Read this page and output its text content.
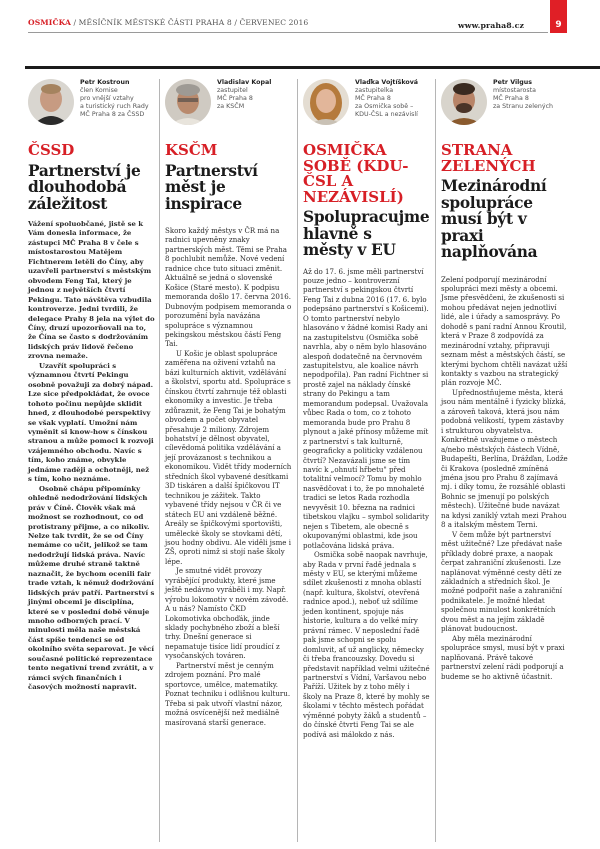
OSMIČKA / MĚSÍČNÍK MĚSTSKÉ ČÁSTI PRAHA 8 / ČERVENEC 2016	www.praha8.cz	9
Petr Kostroun
člen Komise
pro vnější vztahy
a turistický ruch Rady
MČ Praha 8 za ČSSD
ČSSD
Partnerství je dlouhodobá záležitost

Vážení spoluobčané, jistě se k Vám donesla informace, že zástupci MČ Praha 8 v čele s místostarostou Matějem Fichtnerem letěli do Číny, aby uzavřeli partnerství s městským obvodem Feng Tai, který je jednou z největších čtvrtí Pekingu. Tato návštěva vzbudila kontroverze. Jedni tvrdili, že delegace Prahy 8 jela na výlet do Číny, druzí upozorňovali na to, že Čína se často s dodržováním lidských práv lidově řečeno zrovna nemaže.

Uzavřít spolupráci s významnou čtvrtí Pekingu osobně považuji za dobrý nápad. Lze sice předpokládat, že ovoce tohoto počinu nepůjde sklidit hned, z dlouhodobé perspektivy se však vyplatí. Umožní nám vyměnit si know-how s čínskou stranou a může pomoci k rozvoji vzájemného obchodu. Navíc s tím, koho známe, obvykle jednáme raději a ochotněji, než s tím, koho neznáme.

Osobně chápu připomínky ohledně nedodržování lidských práv v Číně. Člověk však má možnost se rozhodnout, co od protistrany přijme, a co nikoliv. Nelze tak tvrdit, že se od Číny nemáme co učit, jelikož se tam nedodržují lidská práva. Navíc můžeme druhé straně taktně naznačit, že bychom ocenili fair trade vztah, k němuž dodržování lidských práv patří. Partnerství s jinými obcemi je disciplína, které se v poslední době věnuje mnoho odborných prací. V minulosti měla naše městská část spíše tendenci se od okolního světa separovat. Je věcí současné politické reprezentace tento negativní trend zvrátit, a v rámci svých finančních i časových možností napravit.

Vladislav Kopal
zastupitel
MČ Praha 8
za KSČM
KSČM
Partnerství měst je inspirace

Skoro každý městys v ČR má na radnici upevněny znaky partnerských měst. Těmi se Praha 8 pochlubit nemůže. Nové vedení radnice chce tuto situaci změnit. Aktuálně se jedná o slovenské Košice (Staré mesto). K podpisu memoranda došlo 17. června 2016. Dubnovým podpisem memoranda o porozumění byla navázána spolupráce s významnou pekingskou městskou částí Feng Tai.

U Košic je oblast spolupráce zaměřena na oživení vztahů na bázi kulturních aktivit, vzdělávání a školství, sportu atd. Spolupráce s čínskou čtvrtí zahrnuje též oblasti ekonomiky a investic. Je třeba zdůraznit, že Feng Tai je bohatým obvodem a počet obyvatel přesahuje 2 miliony. Zdrojem bohatství je dělnost obyvatel, cílevědomá politika vzdělávání a její provázanost s technikou a ekonomikou. Vidět třídy moderních středních škol vybavené desítkami 3D tiskáren a další špičkovou IT technikou je zážitek. Takto vybavené třídy nejsou v ČR či ve státech EU ani vzdáleně běžné. Areály se špičkovými sportovišti, uměleckė školy se stovkami dětí, jsou hodny obdivu. Ale viděli jsme i ZŠ, oproti nimž si stojí naše školy lépe.

Je smutné vidět provozy vyrábějící produkty, které jsme ještě nedávno vyráběli i my. Např. výrobu lokomotiv v novém závodě. A u nás? Namísto ČKD Lokomotivka obchoďák, jinde sklady pochybného zboží a bleší trhy. Dnešní generace si nepamatuje tisíce lidí proudící z vysočanských továren.

Partnerství měst je cenným zdrojem poznání. Pro malé sportovce, umělce, matematiky. Poznat techniku i odlišnou kulturu. Třeba si pak utvoří vlastní názor, možná osvícenější než mediálně masírovaná starší generace.

Vlaďka Vojtíšková
zastupitelka
MČ Praha 8
za Osmička sobě –
KDU-ČSL a nezávislí
OSMIČKA SOBĚ (KDU-ČSL A NEZÁVISLÍ)
Spolupracujme hlavně s městy v EU

Až do 17. 6. jsme měli partnerství pouze jedno – kontroverzní partnerství s pekingskou čtvrtí Feng Tai z dubna 2016 (17. 6. bylo podepsáno partnerství s Košicemi). O tomto partnerství nebylo hlasováno v žádné komisi Rady ani na zastupitelstvu (Osmička sobě navrhla, aby o něm bylo hlasováno alespoň dodatečně na červnovém zastupitelstvu, ale koalice návrh nepodpořila). Pan radní Fichtner si prostě zajel na náklady čínské strany do Pekingu a tam memorandum podepsal. Uvažovala vůbec Rada o tom, co z tohoto memoranda bude pro Prahu 8 plynout a jaké přínosy můžeme mít z partnerství s tak kulturně, geograficky a politicky vzdálenou čtvrtí? Nezavázali jsme se tím navíc k „ohnutí hřbetu" před totalitní velmocí? Tomu by mohlo nasvědčovat i to, že po mnohaleté tradici se letos Rada rozhodla nevyvěsit 10. března na radnici tibetskou vlajku – symbol solidarity nejen s Tibetem, ale obecně s okupovanými oblastmi, kde jsou potlačována lidská práva.

Osmička sobě naopak navrhuje, aby Rada v první řadě jednala s městy v EU, se kterými můžeme sdílet zkušenosti z mnoha oblastí (např. kultura, školství, otevřená radnice apod.), neboť už sdílíme jeden kontinent, spojuje nás historie, kultura a do velké míry právní rámec. V neposlední řadě pak jsme schopni se spolu domluvit, ať už anglicky, německy či třeba francouzsky. Dovedu si představit například velmi užitečné partnerství s Vídní, Varšavou nebo Paříží. Užitek by z toho měly i školy na Praze 8, které by mohly se školami v těchto městech pořádat výměnné pobyty žáků a studentů – do čínské čtvrti Feng Tai se ale podívá asi málokdo z nás.

Petr Vilgus
místostarosta
MČ Praha 8
za Stranu zelených
STRANA ZELENÝCH
Mezinárodní spolupráce musí být v praxi naplňována

Zelení podporují mezinárodní spolupráci mezi městy a obcemi. Jsme přesvědčeni, že zkušenosti si mohou předávat nejen jednotliví lidé, ale i úřady a samosprávy. Po dohodě s paní radní Annou Kroutil, která v Praze 8 zodpovídá za mezinárodní vztahy, připravuji seznam měst a městských částí, se kterými bychom chtěli navázat užší kontakty s vazbou na strategický plán rozvoje MČ.

Upřednostňujeme města, která jsou nám mentálně i fyzicky blízká, a zároveň taková, která jsou nám podobná velikostí, typem zástavby i strukturou obyvatelstva. Konkrétně uvažujeme o městech a/nebo městských částech Vídně, Budapešti, Berlína, Drážďan, Lodže či Krakova (posledně zmíněná jména jsou pro Prahu 8 zajímavá mj. i díky tomu, že rozsáhlé oblasti Bohnic se jmenují po polských městech). Užitečné bude navázat na kdysi zaniklý vztah mezi Prahou 8 a italským městem Terni.

V čem může být partnerství měst užitečné? Lze předávat naše příklady dobré praxe, a naopak čerpat zahraniční zkušenosti. Lze naplánovat výměnné cesty dětí ze základních a středních škol. Je možné podpořit naše a zahraniční podnikatele. Je možné hledat společnou minulost konkrétních dvou měst a na jejím základě plánovat budoucnost.

Aby měla mezinárodní spolupráce smysl, musí být v praxi naplňovaná. Právě takové partnerství zelení rádi podporují a budeme se ho aktivně účastnit.
